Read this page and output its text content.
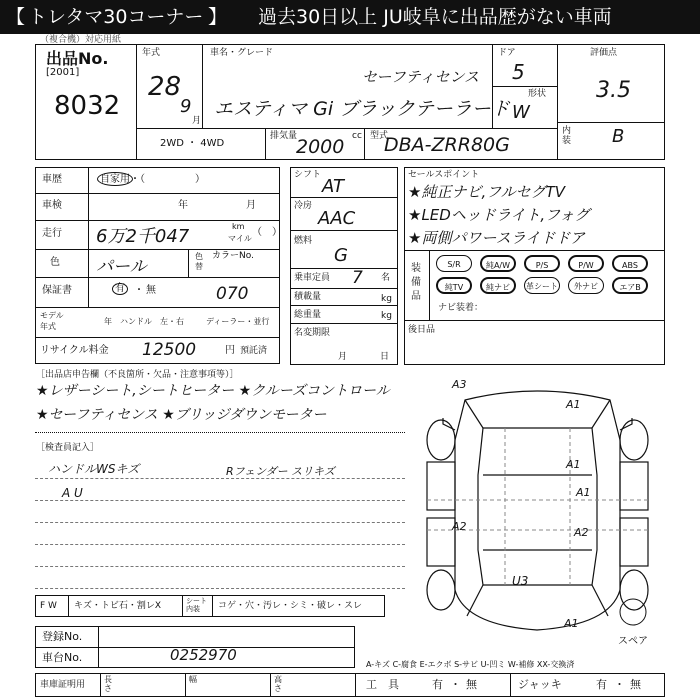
【 トレタマ30コーナー 】 過去30日以上 JU岐阜に出品歴がない車両
（複合機）対応用紙
出品No.
[2001]
8032
年式
28
9
月
車名・グレード
セーフティセンス
エスティマ Gi ブラックテーラード
ドア
5
形状
W
評価点
3.5
内装 B
2WD ・ 4WD
排気量	cc
2000	型式
DBA-ZRR80G
車歴	自家用・（　　　　　）
車検	年	月
走行 6万2千047	km
マイル
（　）
色 パール
色替
カラーNo.
070
保証書	有 ・ 無
モデル
年式
年 ハンドル　左・右	ディーラー・並行
リサイクル料金 12500	円 預託済
シフト
AT
冷房
AAC
燃料
G
乗車定員 7 名
積載量	kg
総重量	kg
名変期限
月	日
セールスポイント
★純正ナビ,フルセグTV
★LEDヘッドライト,フォグ
★両側パワースライドドア
装備品
S/R	純A/W	P/S	P/W	ABS
純TV	純ナビ	革シート	外ナビ	エアB
ナビ装着：
後日品
［出品店申告欄（不良箇所・欠品・注意事項等）］
★レザーシート,シートヒーター ★クルーズコントロール
★セーフティセンス ★ブリッジダウンモーター
［検査員記入］
ハンドルWSキズ	Rフェンダー スリキズ
A U
A3
A1
A1
A1
A2	A2
U3
A1
スペア
F W キズ・トビ石・割レX	シート内装	コゲ・穴・汚レ・シミ・破レ・スレ
登録No.
車台No.	0252970
A-キズ C-腐食 E-エクボ S-サビ U-凹ミ W-補修 XX-交換済
車庫証明用
長さ
幅	高さ	工　具	有 ・ 無	ジャッキ	有 ・ 無
